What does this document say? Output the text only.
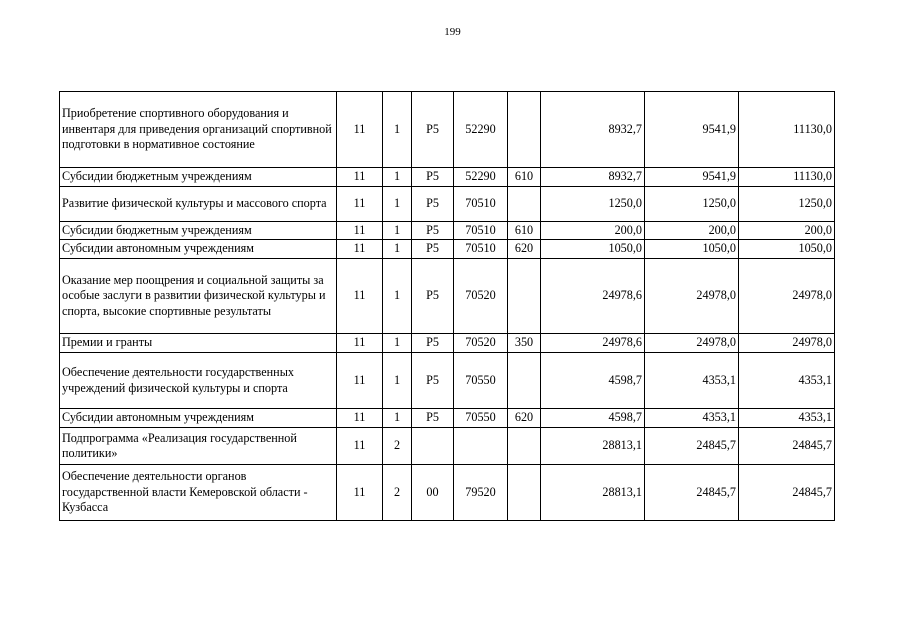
199
Приобретение спортивного оборудования и инвентаря для приведения организаций спортивной подготовки в нормативное состояние	11	1	P5	52290		8932,7	9541,9	11130,0
Субсидии бюджетным учреждениям	11	1	P5	52290	610	8932,7	9541,9	11130,0
Развитие физической культуры и массового спорта	11	1	P5	70510		1250,0	1250,0	1250,0
Субсидии бюджетным учреждениям	11	1	P5	70510	610	200,0	200,0	200,0
Субсидии автономным учреждениям	11	1	P5	70510	620	1050,0	1050,0	1050,0
Оказание мер поощрения и социальной защиты за особые заслуги в развитии физической культуры и спорта, высокие спортивные результаты	11	1	P5	70520		24978,6	24978,0	24978,0
Премии и гранты	11	1	P5	70520	350	24978,6	24978,0	24978,0
Обеспечение деятельности государственных учреждений физической культуры и спорта	11	1	P5	70550		4598,7	4353,1	4353,1
Субсидии автономным учреждениям	11	1	P5	70550	620	4598,7	4353,1	4353,1
Подпрограмма «Реализация государственной политики»	11	2				28813,1	24845,7	24845,7
Обеспечение деятельности органов государственной власти Кемеровской области - Кузбасса	11	2	00	79520		28813,1	24845,7	24845,7
